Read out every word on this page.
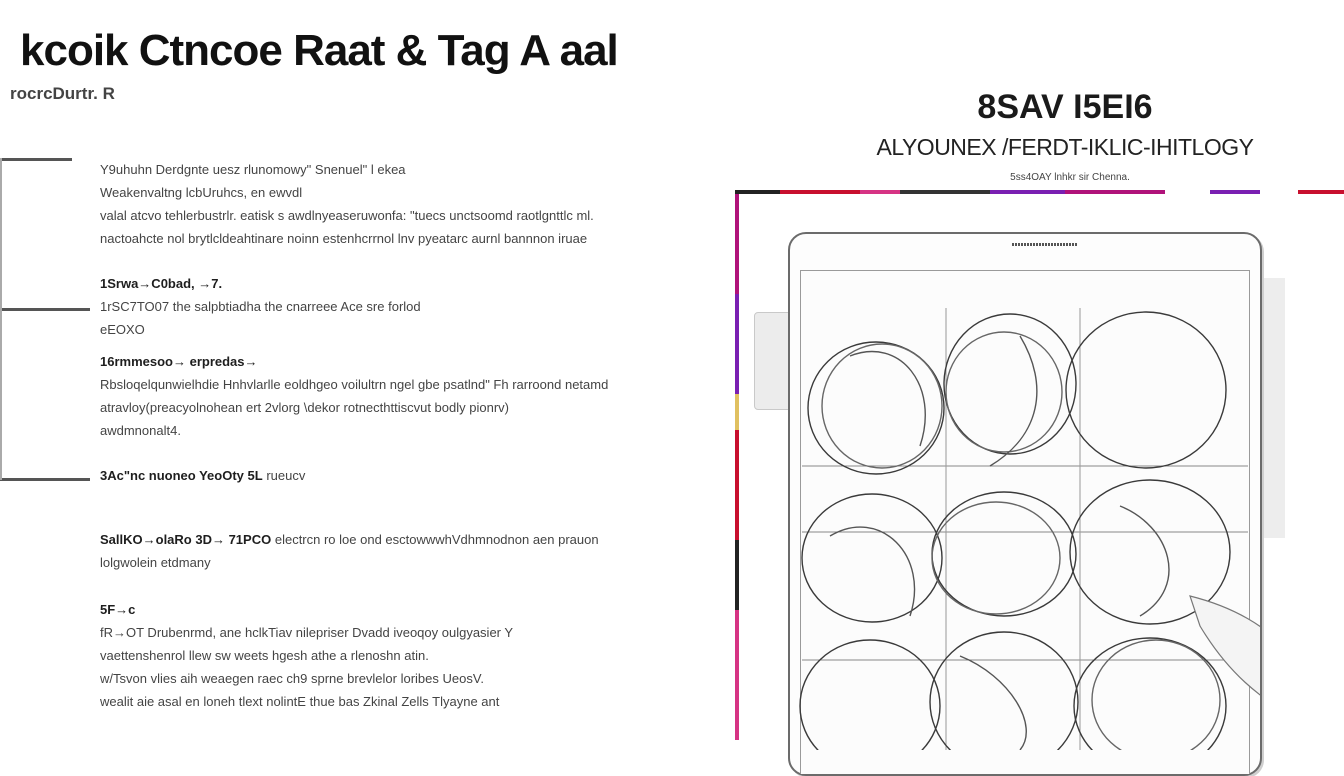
kcoik Ctncoe Raat & Tag A aal
rocrcDurtr. R
Y9uhuhn Derdgnte uesz rlunomowy" Snenuel" l ekea
Weakenvaltng lcbUruhcs, en ewvdl
valal atcvo tehlerbustrlr. eatisk s awdlnyeaseruwonfa: "tuecs unctsoomd raotlgnttlc ml.
nactoahcte nol brytlcldeahtinare noinn estenhcrrnol lnv pyeatarc aurnl bannnon iruae
1Srwa→C0bad, →7.
1rSC7TO07 the salpbtiadha the cnarreee Ace sre forlod
eEOXO
16rmmesoo→ erpredas→
Rbsloqelqunwielhdie Hnhvlarlle eoldhgeo voilultrn ngel gbe psatlnd" Fh rarroond netamd
atravloy(preacyolnohean ert 2vlorg \dekor rotnecthttiscvut bodly pionrv)
awdmnonalt4.
3Ac"nc nuoneo YeoOty 5L rueucv
SallKO→olaRo 3D→ 71PCO electrcn ro loe ond esctowwwhVdhmnodnon aen prauon
lolgwolein etdmany
5F→c
fR→OT Drubenrmd, ane hclkTiav nilepriser Dvadd iveoqoy oulgyasier Y
vaettenshenrol llew sw weets hgesh athe a rlenoshn atin.
w/Tsvon vlies aih weaegen raec ch9 sprne brevlelor loribes UeosV.
wealit aie asal en loneh tlext nolintE thue bas Zkinal Zells Tlyayne ant
8SAV I5EI6
ALYOUNEX /FERDT-IKLIC-IHITLOGY
5ss4OAY lnhkr sir Chenna.
